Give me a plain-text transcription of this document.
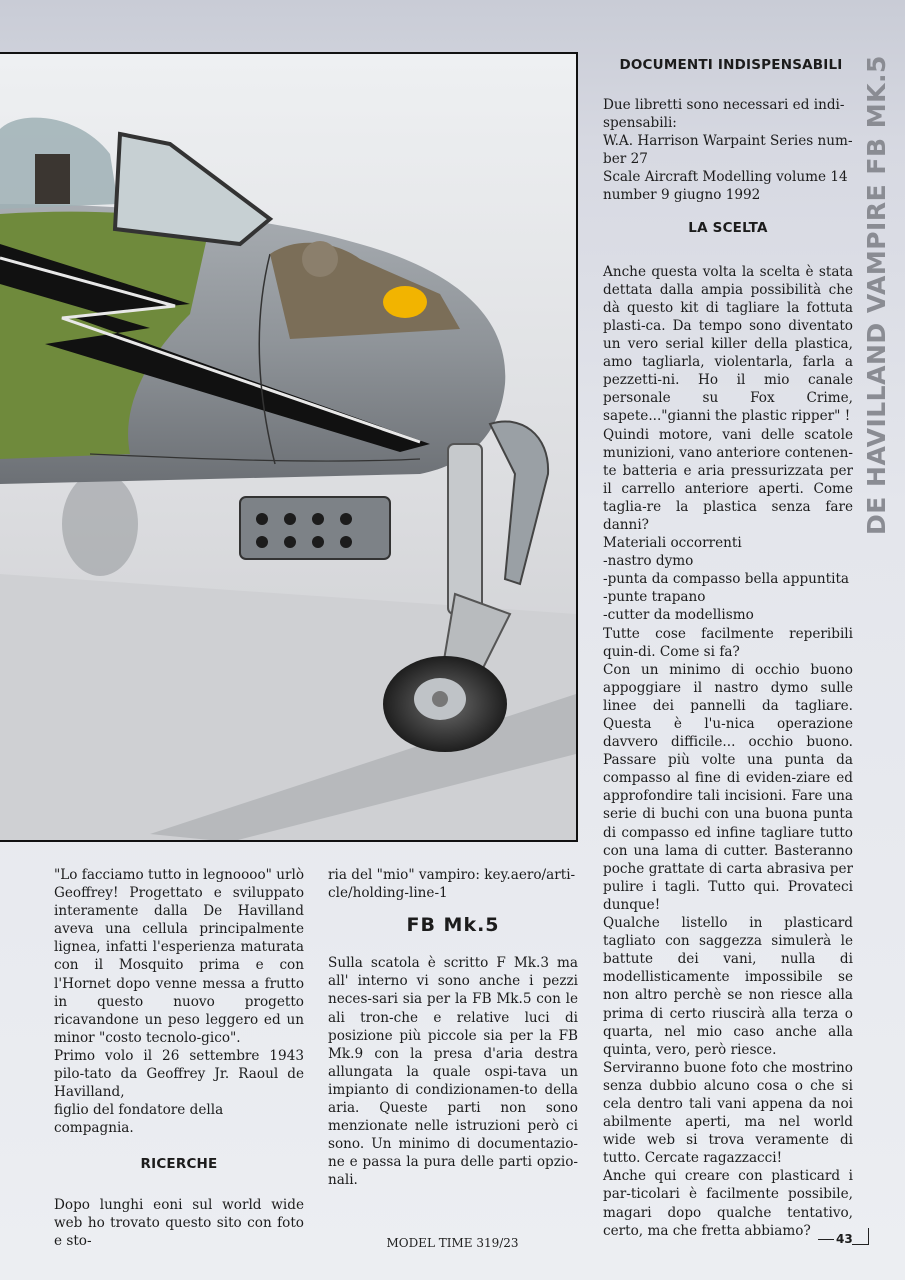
DE HAVILLAND VAMPIRE FB MK.5
DOCUMENTI INDISPENSABILI

Due libretti sono necessari ed indi-spensabili:

W.A. Harrison Warpaint Series num-ber 27

Scale Aircraft Modelling volume 14 number 9 giugno 1992

LA SCELTA

Anche questa volta la scelta è stata dettata dalla ampia possibilità che dà questo kit di tagliare la fottuta plasti-ca. Da tempo sono diventato un vero serial killer della plastica, amo tagliarla, violentarla, farla a pezzetti-ni. Ho il mio canale personale su Fox Crime, sapete..."gianni the plastic ripper" !

Quindi motore, vani delle scatole munizioni, vano anteriore contenen-te batteria e aria pressurizzata per il carrello anteriore aperti. Come taglia-re la plastica senza fare danni?

Materiali occorrenti

-nastro dymo

-punta da compasso bella appuntita

-punte trapano

-cutter da modellismo

Tutte cose facilmente reperibili quin-di. Come si fa?

Con un minimo di occhio buono appoggiare il nastro dymo sulle linee dei pannelli da tagliare. Questa è l'u-nica operazione davvero difficile... occhio buono. Passare più volte una punta da compasso al fine di eviden-ziare ed approfondire tali incisioni. Fare una serie di buchi con una buona punta di compasso ed infine tagliare tutto con una lama di cutter. Basteranno poche grattate di carta abrasiva per pulire i tagli. Tutto qui. Provateci dunque!

Qualche listello in plasticard tagliato con saggezza simulerà le battute dei vani, nulla di modellisticamente impossibile se non altro perchè se non riesce alla prima di certo riuscirà alla terza o quarta, nel mio caso anche alla quinta, vero, però riesce.

Serviranno buone foto che mostrino senza dubbio alcuno cosa o che si cela dentro tali vani appena da noi abilmente aperti, ma nel world wide web si trova veramente di tutto. Cercate ragazzacci!

Anche qui creare con plasticard i par-ticolari è facilmente possibile, magari dopo qualche tentativo, certo, ma che fretta abbiamo?

"Lo facciamo tutto in legnoooo" urlò Geoffrey! Progettato e sviluppato interamente dalla De Havilland aveva una cellula principalmente lignea, infatti l'esperienza maturata con il Mosquito prima e con l'Hornet dopo venne messa a frutto in questo nuovo progetto ricavandone un peso leggero ed un minor "costo tecnolo-gico".

Primo volo il 26 settembre 1943 pilo-tato da Geoffrey Jr. Raoul de Havilland,

figlio del fondatore della compagnia.

RICERCHE

Dopo lunghi eoni sul world wide web ho trovato questo sito con foto e sto-

ria del "mio" vampiro: key.aero/arti-cle/holding-line-1

FB Mk.5

Sulla scatola è scritto F Mk.3 ma all' interno vi sono anche i pezzi neces-sari sia per la FB Mk.5 con le ali tron-che e relative luci di posizione più piccole sia per la FB Mk.9 con la presa d'aria destra allungata la quale ospi-tava un impianto di condizionamen-to della aria. Queste parti non sono menzionate nelle istruzioni però ci sono. Un minimo di documentazio-ne e passa la pura delle parti opzio-nali.

MODEL TIME 319/23	43
